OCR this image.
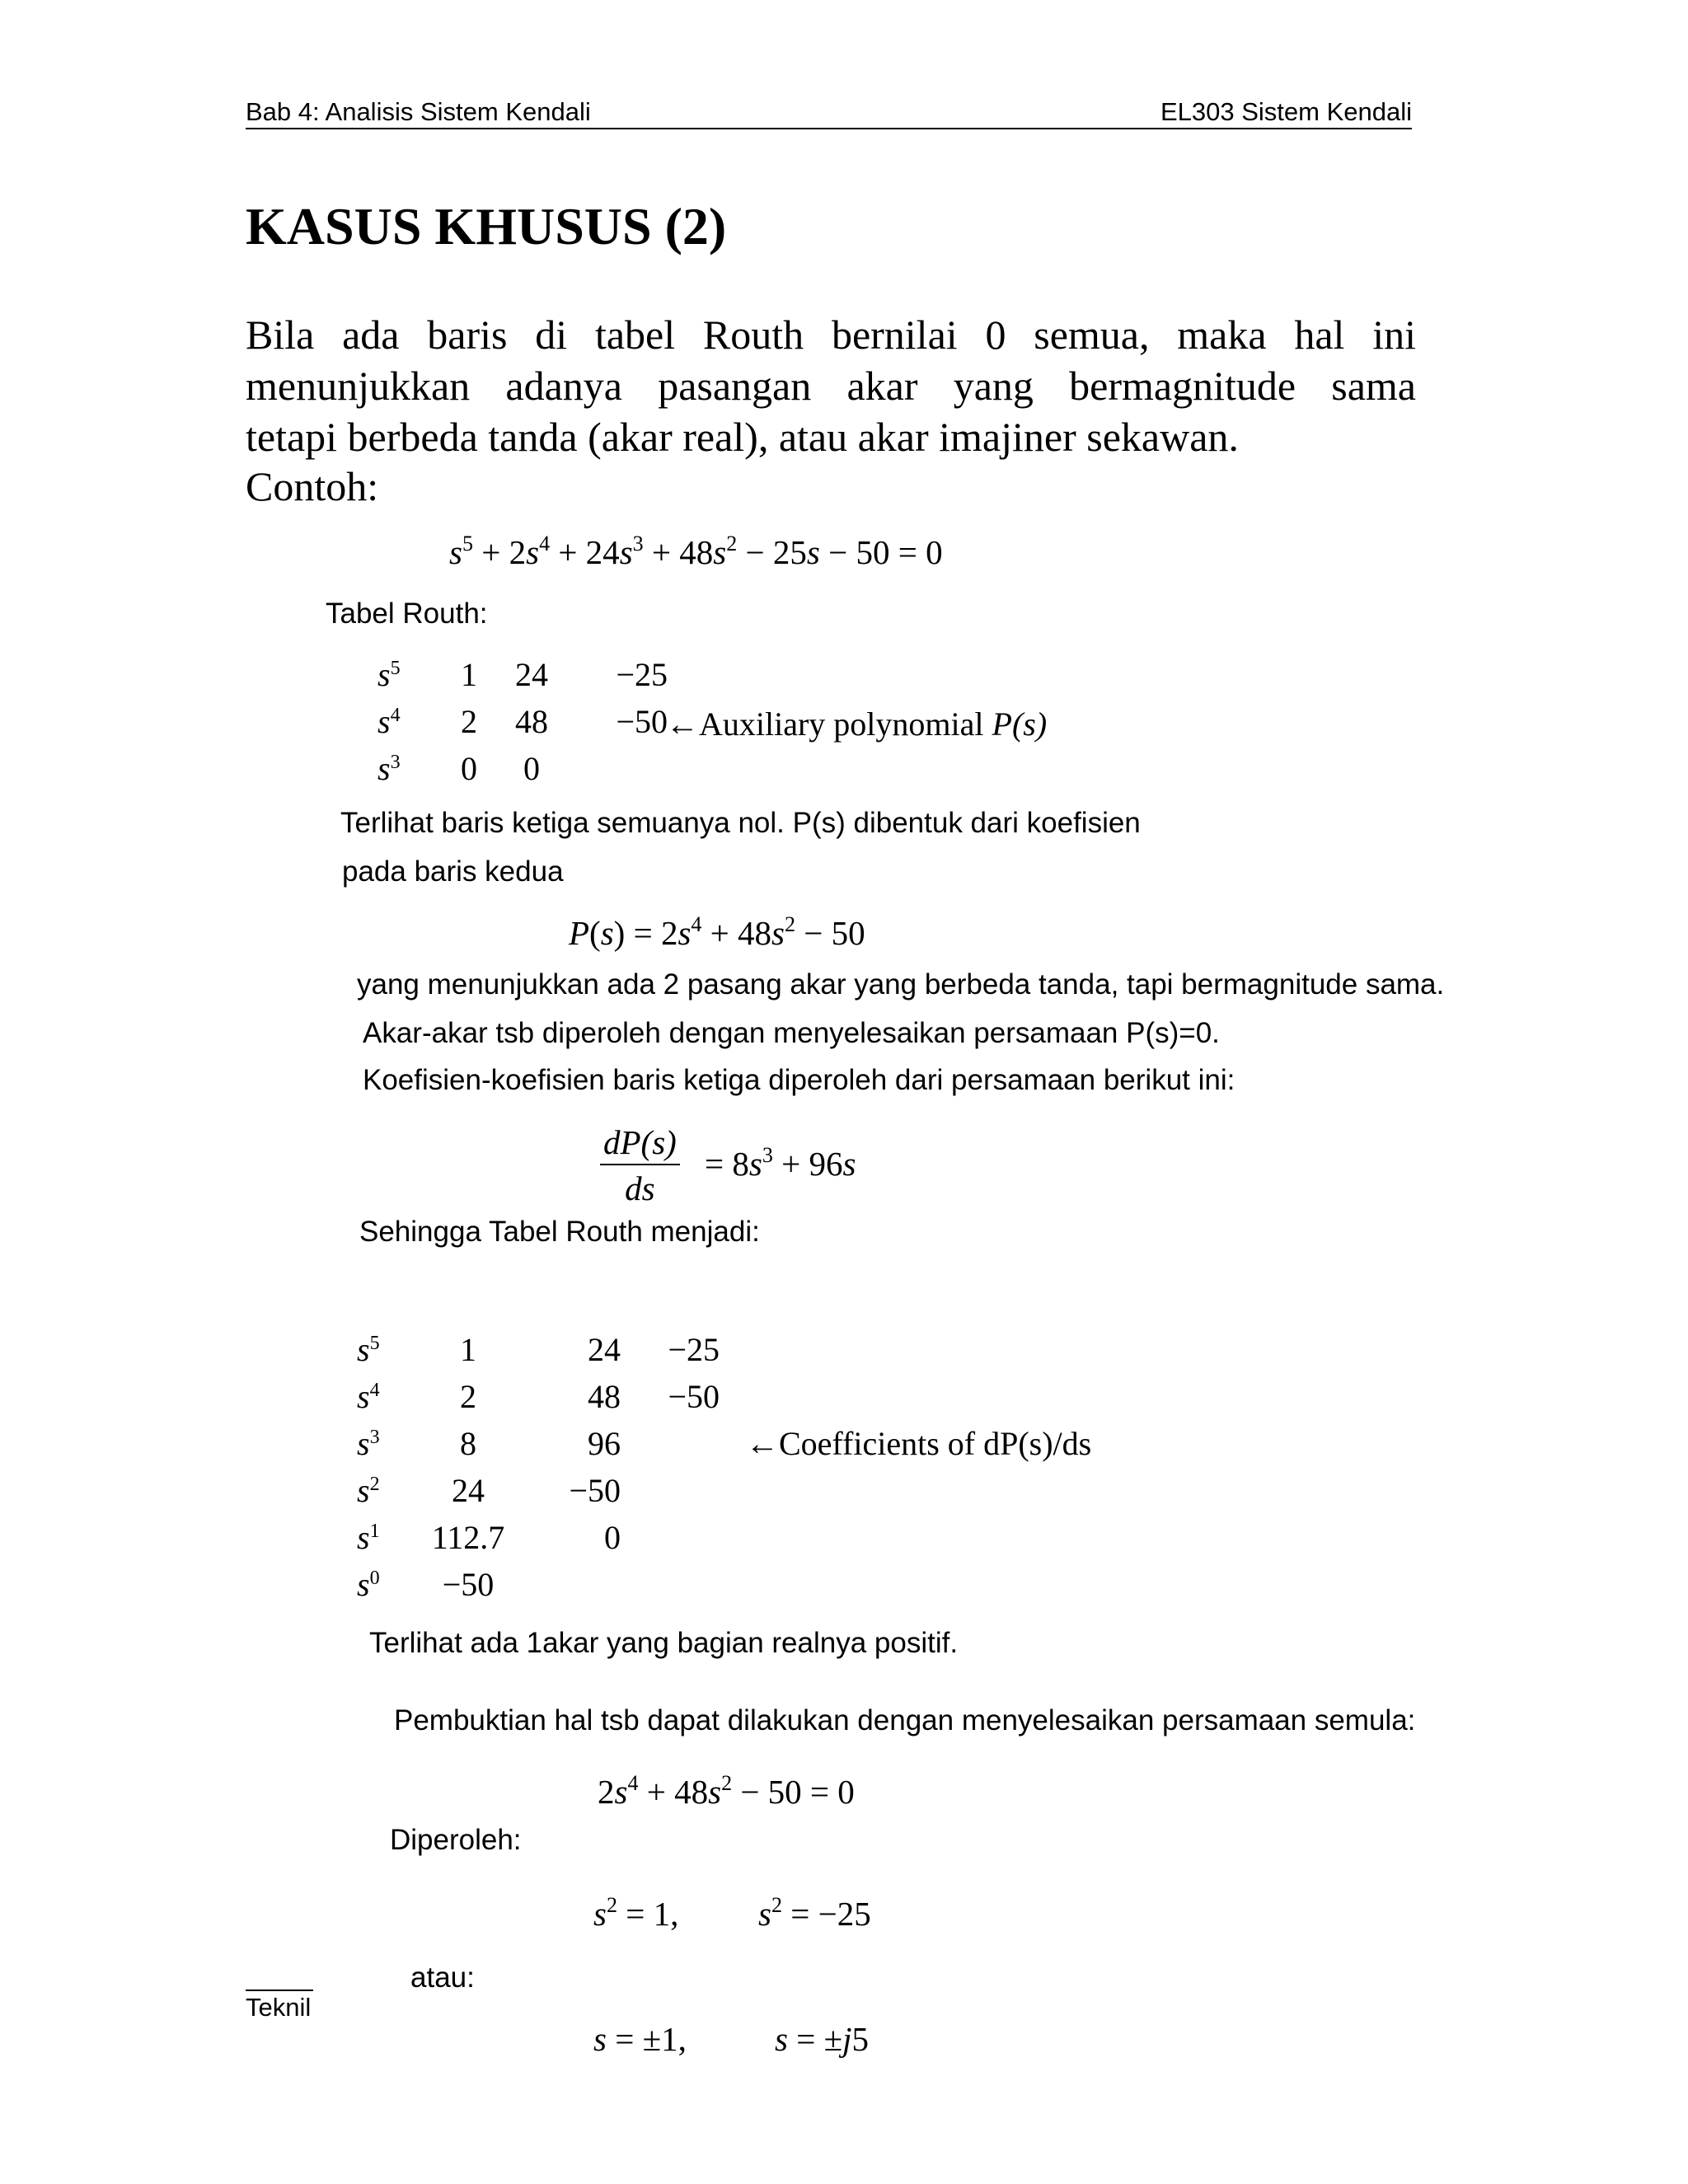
Bab 4: Analisis Sistem Kendali	EL303 Sistem Kendali
KASUS KHUSUS (2)
Bila ada baris di tabel Routh bernilai 0 semua, maka hal ini
menunjukkan adanya pasangan akar yang bermagnitude sama
tetapi berbeda tanda (akar real), atau akar imajiner sekawan.
Contoh:
$s^5 + 2s^4 + 24s^3 + 48s^2 - 25s - 50 = 0$
Tabel Routh:
$s^5$	1	24	−25
$s^4$	2	48	−50
$s^3$	0	0	
←Auxiliary polynomial P(s)
Terlihat baris ketiga semuanya nol. P(s) dibentuk dari koefisien
pada baris kedua
$P(s) = 2s^4 + 48s^2 - 50$
yang menunjukkan ada 2 pasang akar yang berbeda tanda, tapi bermagnitude sama.
Akar-akar tsb diperoleh dengan menyelesaikan persamaan P(s)=0.
Koefisien-koefisien baris ketiga diperoleh dari persamaan berikut ini:
$\frac{dP(s)}{ds} = 8s^3 + 96s$
Sehingga Tabel Routh menjadi:
$s^5$	1	24	−25
$s^4$	2	48	−50
$s^3$	8	96	
$s^2$	24	−50	
$s^1$	112.7	0	
$s^0$	−50		
←Coefficients of dP(s)/ds
Terlihat ada 1akar yang bagian realnya positif.
Pembuktian hal tsb dapat dilakukan dengan menyelesaikan persamaan semula:
$2s^4 + 48s^2 - 50 = 0$
Diperoleh:
$s^2 = 1$, $s^2 = -25$
atau:
s = ±1,	s = ±j5
Teknil
